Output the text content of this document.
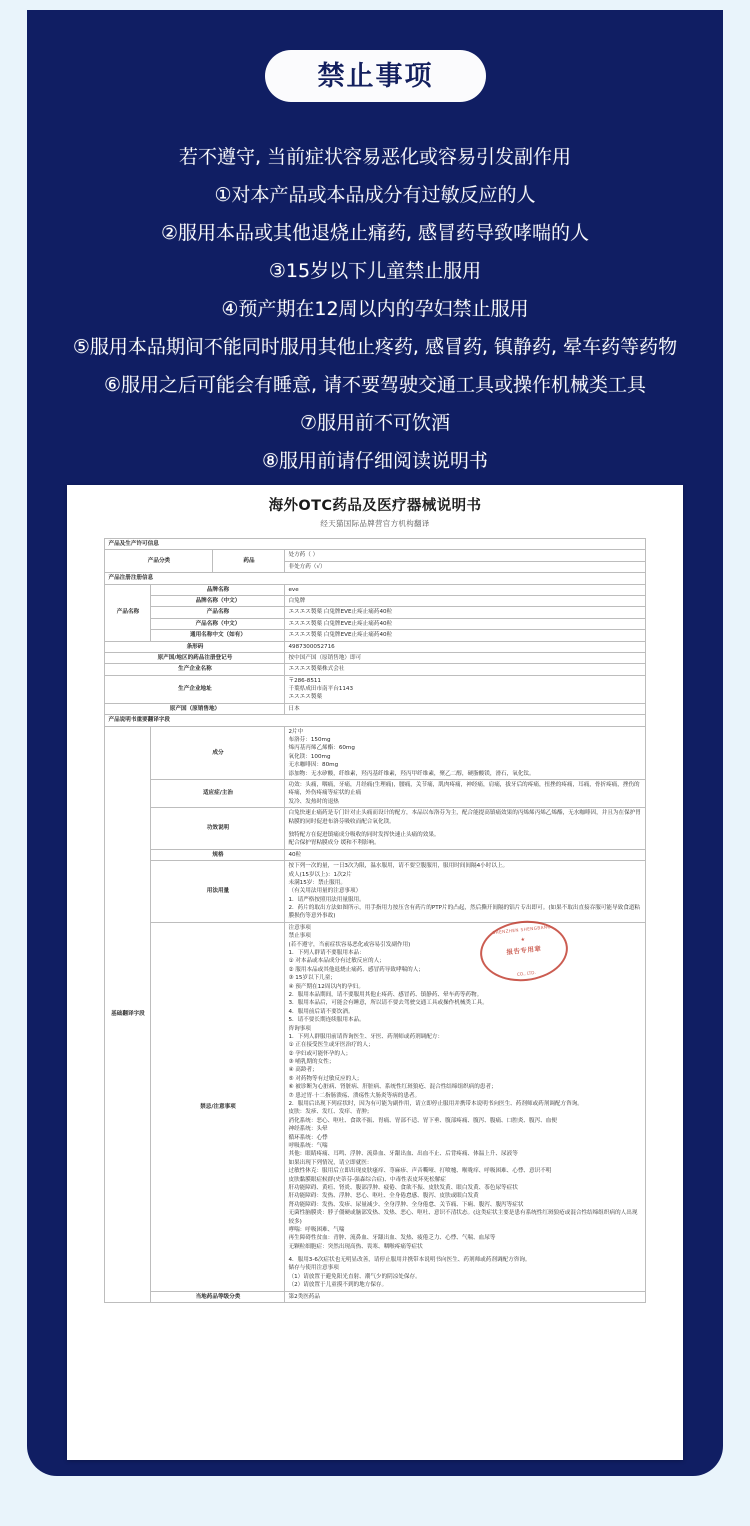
禁止事项
若不遵守, 当前症状容易恶化或容易引发副作用
①对本产品或本品成分有过敏反应的人
②服用本品或其他退烧止痛药, 感冒药导致哮喘的人
③15岁以下儿童禁止服用
④预产期在12周以内的孕妇禁止服用
⑤服用本品期间不能同时服用其他止疼药, 感冒药, 镇静药, 晕车药等药物
⑥服用之后可能会有睡意, 请不要驾驶交通工具或操作机械类工具
⑦服用前不可饮酒
⑧服用前请仔细阅读说明书
海外OTC药品及医疗器械说明书
经天猫国际品牌营官方机构翻译
产品及生产许可信息			
产品分类		药品	处方药（ ）
			非处方药（√）
产品注册注册信息			
产品名称	品牌名称		eve
	品牌名称（中文）		白兔牌
	产品名称		エスエス製薬 白兔牌EVE止疼止痛药40粒
	产品名称（中文）		エスエス製薬 白兔牌EVE止疼止痛药40粒
	通用名称中文（如有）		エスエス製薬 白兔牌EVE止疼止痛药40粒
条形码			4987300052716
原产国/地区的药品注册登记号			按中国产国（原销售地）即可
生产企业名称			エスエス製薬株式会社
生产企业地址			〒286-8511
千葉県成田市南平台1143
エスエス製薬

原产国（原销售地）			日本
产品说明书重要翻译字段			
基础翻译字段	成分	
2片中
布洛芬：150mg
烯丙基丙烯乙烯酯：60mg
氧化镁：100mg
无水咖啡因：80mg
添加物：无水矽酸，纤维素，羟丙基纤维素，羟丙甲纤维素，聚乙二醇，硬脂酸镁，滑石，氧化钛。

	适应症/主治		功效：头痛，咽痛，牙痛，月经痛(生理痛)，腰痛，关节痛，肌肉疼痛，神经痛，肩痛，拔牙后的疼痛，扭挫的疼痛，耳痛，骨折疼痛，挫伤的疼痛，外伤疼痛等症状的止痛
发冷、发热时的退热

	功效说明		白兔快速止痛药是专门针对止头痛而设计的配方，本品以布洛芬为主，配合能提高镇痛效果的丙烯烯丙烯乙烯酯，无水咖啡因，并且为在保护胃粘膜的同时促进布洛芬吸收而配合氧化镁。

独特配方在促进镇痛成分吸收的同时发挥快速止头痛的效果。
配合保护胃粘膜成分 缓和不利影响。

	规格		40粒
用法用量	
按下列一次的量，一日3次为限，温水服用，请不要空腹服用，服用时间间隔4小时以上。
成人(15岁以上)：1次2片
未满15岁：禁止服用。
（有关用法用量的注意事项）
1．请严格按照用法用量服用。
2．药片的取出方法如图所示，用手指用力按压含有药片的PTP片的凸起，然后撕开间隔的铝片专出即可。(如果不取出直接吞服可能导致食道粘膜损伤等意外事故)

禁忌/注意事项	
注意事项
禁止事项
(若不遵守，当前症状容易恶化或容易引发副作用)
1．下列人群请不要服用本品：
① 对本品或本品成分有过敏反应的人；
② 服用本品或其他退烧止痛药、感冒药导致哮喘的人；
③ 15岁以下儿童；
④ 预产期在12周以内的孕妇。
2．服用本品期间，请不要服用其他止疼药、感冒药、镇静药、晕车药等药物。
3．服用本品后，可能会有睡意，所以请不要去驾驶交通工具或操作机械类工具。
4．服用前后请不要饮酒。
5．请不要长期连续服用本品。
咨询事项
1．下列人群服用前请咨询医生、牙医、药剂师或药剂调配方：
① 正在接受医生或牙医治疗的人；
② 孕妇或可能怀孕的人；
③ 哺乳期的女性；
④ 高龄者；
⑤ 对药物等有过敏反应的人；
⑥ 被诊断为心脏病、肾脏病、肝脏病、系统性红斑狼疮、混合性结缔组织病的患者；
⑦ 患过胃·十二指肠溃疡、溃疡性大肠炎等病的患者。
2．服用后出现下列症状时，因为有可能为副作用，请立即停止服用并携带本说明书向医生、药剂师或药剂调配方咨询。
皮肤：发疹、发红、发痒、青肿；
消化系统：恶心、呕吐、食欲不振、胃痛、胃部不适、胃下垂、腹部疼痛、腹泻、腹痛、口腔炎、腹泻、血便
神经系统：头晕
循环系统：心悸
呼吸系统：气喘
其他：眼睛疼痛、耳鸣、浮肿、流鼻血、牙龈出血、出血不止、后背疼痛、体温上升、尿液等
如果出现下列情况，请立即就医：
过敏性休克：服用后立即出现皮肤瘙痒、荨麻疹、声音嘶哑、打喷嚏、喉咙痒、呼吸困难、心悸、意识不明
皮肤黏膜眼症候群(史蒂芬-强森综合症)、中毒性表皮坏死松解症
肝功能障碍、黄疸、肾炎、腹部浮肿、疲倦、食欲不振、皮肤发黄、眼白发黄、茶色尿等症状
肝功能障碍：发热、浮肿、恶心、呕吐、全身倦怠感、腹泻、皮肤或眼白发黄
肾功能障碍：发热、发疹、尿量减少、全身浮肿、全身倦怠、关节痛、下痢、腹泻、腹泻等症状
无菌性脑膜炎：脖子僵硬或脑部发热、发热、恶心、呕吐、意识不清状态。(这类症状主要是患有系统性红斑狼疮或混合性结缔组织病的人出现较多)
哮喘：呼吸困难、气喘
再生障碍性贫血：青肿、流鼻血、牙龈出血、发热、疲倦乏力、心悸、气喘、血尿等
无颗粒细胞症：突然出现高热、畏寒、咽喉疼痛等症状

4．服用3-6次症状也无明显改善，请停止服用并携带本说明书向医生、药剂师或药剂调配方咨询。
储存与使用注意事项
（1）请放置于避免阳光直射、潮气少的阴凉处保存。
（2）请放置于儿童摸不到的地方保存。

	当地药品等级分类		第2类医药品
SHENZHEN SHENGBANG
★
报告专用章
CO., LTD.
